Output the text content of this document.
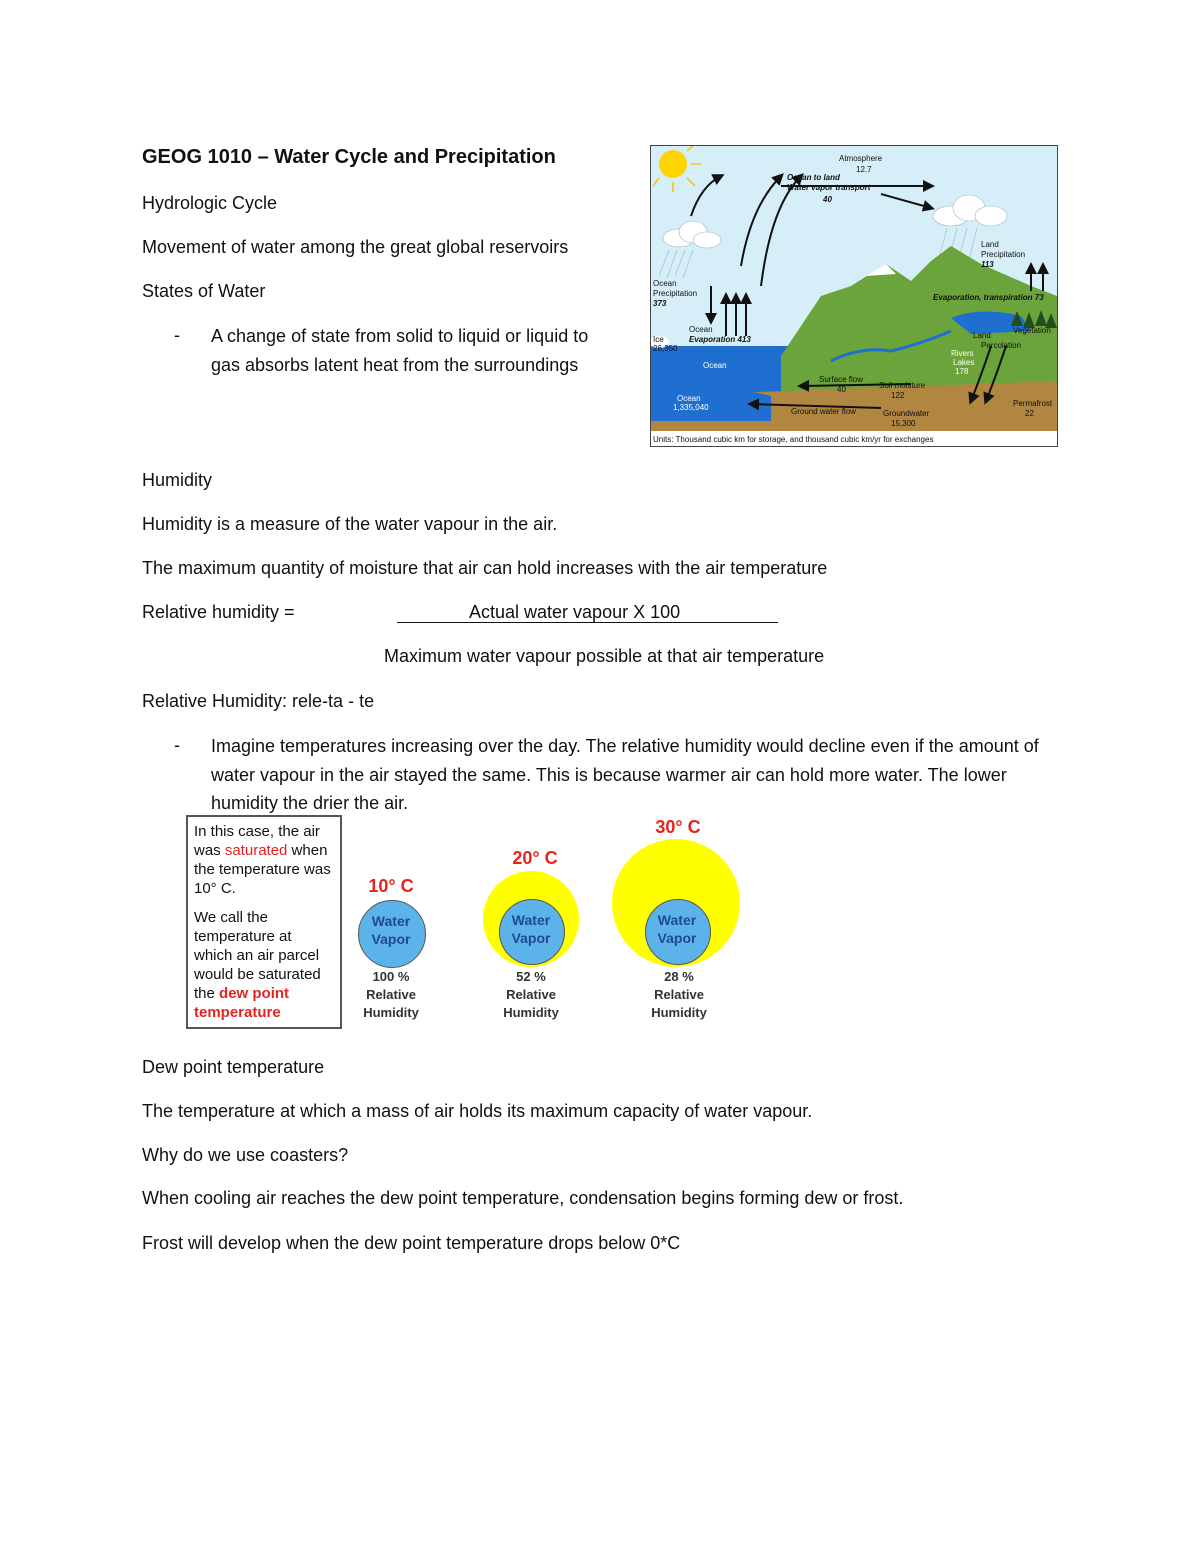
GEOG 1010 – Water Cycle and Precipitation
Hydrologic Cycle
Movement of water among the great global reservoirs
States of Water
- A change of state from solid to liquid or liquid to gas absorbs latent heat from the surroundings
Atmosphere
12.7
Ocean to land
Water vapor transport
40
Land
Precipitation
113
Ocean
Precipitation
373
Evaporation, transpiration 73
Ocean
Evaporation 413
Ice
26,350
Vegetation
Land
Percolation
Rivers
Lakes
178
Ocean
Ocean
1,335,040
Surface flow
40	Soil moisture
122
Permafrost
22
Ground water flow	Groundwater
15,300
Units: Thousand cubic km for storage, and thousand cubic km/yr for exchanges
Humidity
Humidity is a measure of the water vapour in the air.
The maximum quantity of moisture that air can hold increases with the air temperature
Relative humidity =	Actual water vapour X 100
Maximum water vapour possible at that air temperature
Relative Humidity: rele-ta - te
- Imagine temperatures increasing over the day. The relative humidity would decline even if the amount of water vapour in the air stayed the same. This is because warmer air can hold more water. The lower humidity the drier the air.

In this case, the air was saturated when the temperature was 10° C.

We call the temperature at which an air parcel would be saturated the dew point temperature

10° C
Water
Vapor
100 %
Relative
Humidity
20° C
Water
Vapor
52 %
Relative
Humidity
30° C
Water
Vapor
28 %
Relative
Humidity
Dew point temperature
The temperature at which a mass of air holds its maximum capacity of water vapour.
Why do we use coasters?
When cooling air reaches the dew point temperature, condensation begins forming dew or frost.
Frost will develop when the dew point temperature drops below 0*C
